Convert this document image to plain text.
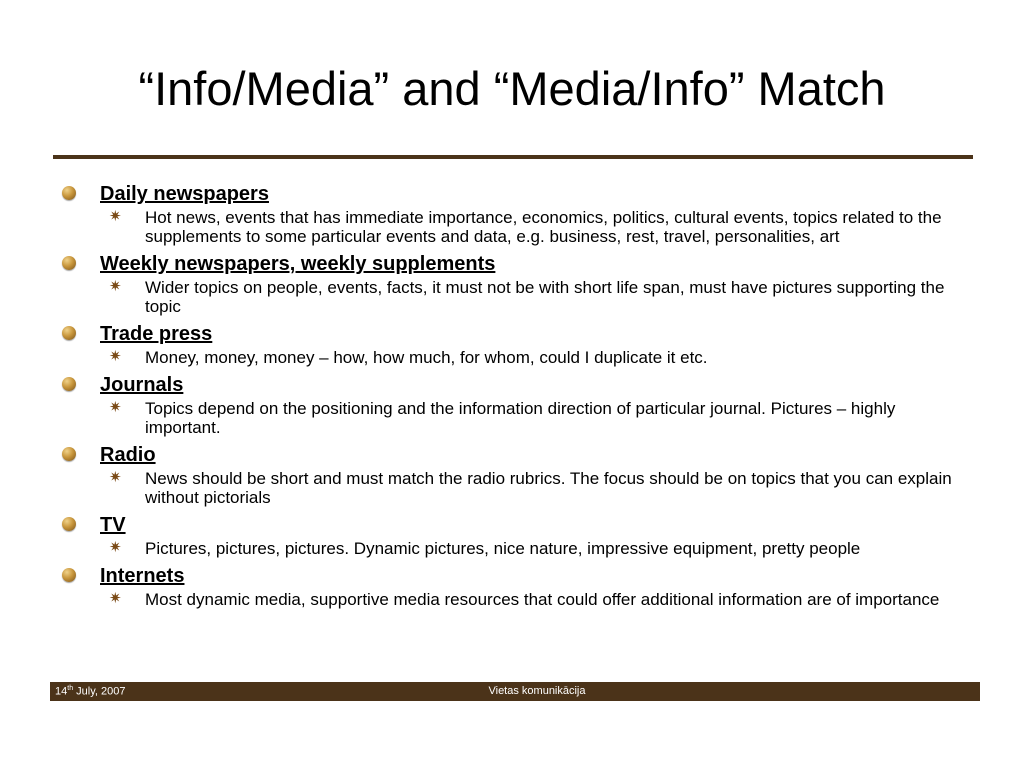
“Info/Media” and “Media/Info” Match
Daily newspapers
✷ Hot news, events that has immediate importance, economics, politics, cultural events, topics related to the supplements to some particular events and data, e.g. business, rest, travel, personalities, art
Weekly newspapers, weekly supplements
✷ Wider topics on people, events, facts, it must not be with short life span, must have pictures supporting the topic
Trade press
✷ Money, money, money – how, how much, for whom, could I duplicate it etc.
Journals
✷ Topics depend on the positioning and the information direction of particular journal. Pictures – highly important.
Radio
✷ News should be short and must match the radio rubrics. The focus should be on topics that you can explain without pictorials
TV
✷ Pictures, pictures, pictures. Dynamic pictures, nice nature, impressive equipment, pretty people
Internets
✷ Most dynamic media, supportive media resources that could offer additional information are of importance
14th July, 2007	Vietas komunikācija
